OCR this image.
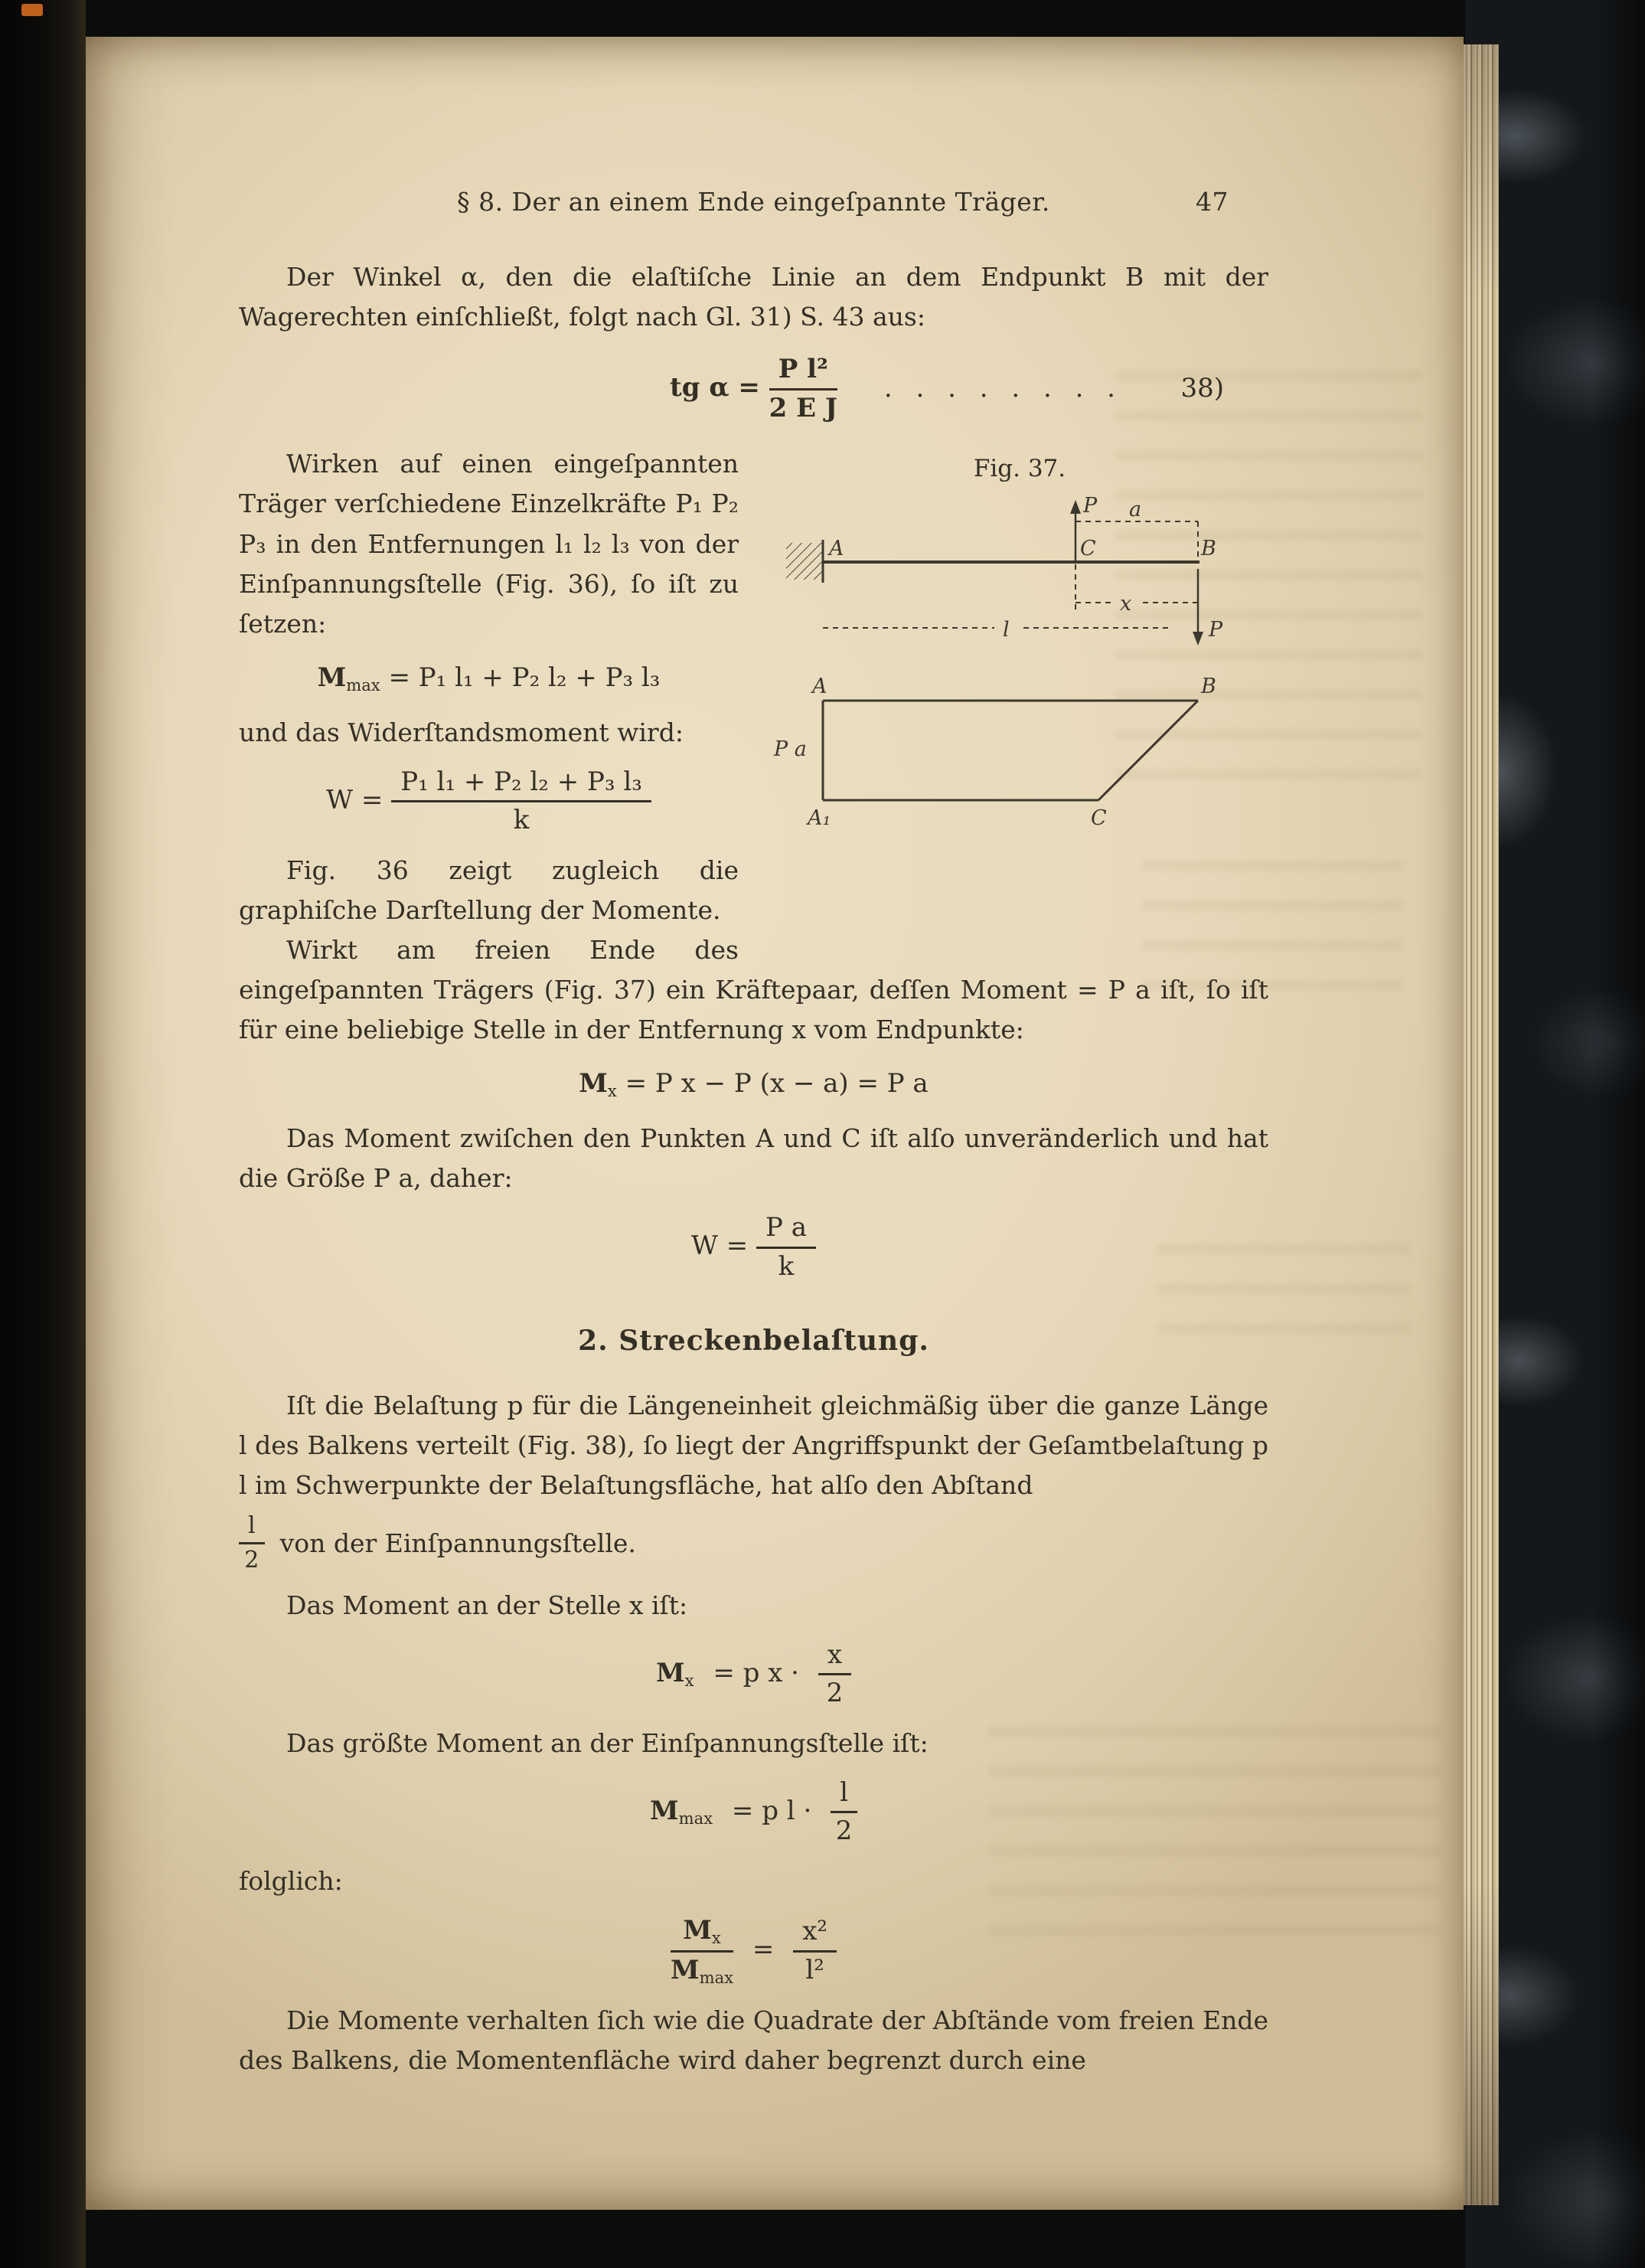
§ 8. Der an einem Ende eingeſpannte Träger.	47

Der Winkel α, den die elaſtiſche Linie an dem Endpunkt B mit der Wagerechten einſchließt, folgt nach Gl. 31) S. 43 aus:

tg $\alpha = \frac{\text{P l²}}{\text{2 E J}}$ . . . . . . . . 38)
Fig. 37.
A	C	B
P a
x
l	P
A	B
P a
A₁	C

Wirken auf einen eingeſpannten Träger verſchiedene Einzelkräfte P₁ P₂ P₃ in den Entfernungen l₁ l₂ l₃ von der Einſpannungsſtelle (Fig. 36), ſo iſt zu ſetzen:

$M_{max} = P_1$ l₁ + P₂ l₂ + P₃ l₃

und das Widerſtandsmoment wird:

$W = \frac{\text{P₁ l₁ + P₂ l₂ + P₃ l₃}}{k}$

Fig. 36 zeigt zugleich die graphiſche Darſtellung der Momente.

Wirkt am freien Ende des eingeſpannten Trägers (Fig. 37) ein Kräftepaar, deſſen Moment = P a iſt, ſo iſt für eine beliebige Stelle in der Entfernung x vom Endpunkte:

$M_x = P$ x − P (x − a) = P a

Das Moment zwiſchen den Punkten A und C iſt alſo unveränderlich und hat die Größe P a, daher:

$W = \frac{\text{P a}}{k}$
2. Streckenbelaſtung.

Iſt die Belaſtung p für die Längeneinheit gleichmäßig über die ganze Länge l des Balkens verteilt (Fig. 38), ſo liegt der Angriffspunkt der Geſamtbelaſtung p l im Schwerpunkte der Belaſtungsfläche, hat alſo den Abſtand

$\frac{l}{2}$ von der Einſpannungsſtelle.

Das Moment an der Stelle x iſt:

$M_x = p$ $x \cdot \frac{x}{2}$

Das größte Moment an der Einſpannungsſtelle iſt:

$M_{max} = p$ $l \cdot \frac{l}{2}$

folglich:

$\frac{M_x}{M_{max}} = \frac{\text{x²}}{\text{l²}}$

Die Momente verhalten ſich wie die Quadrate der Abſtände vom freien Ende des Balkens, die Momentenfläche wird daher begrenzt durch eine
